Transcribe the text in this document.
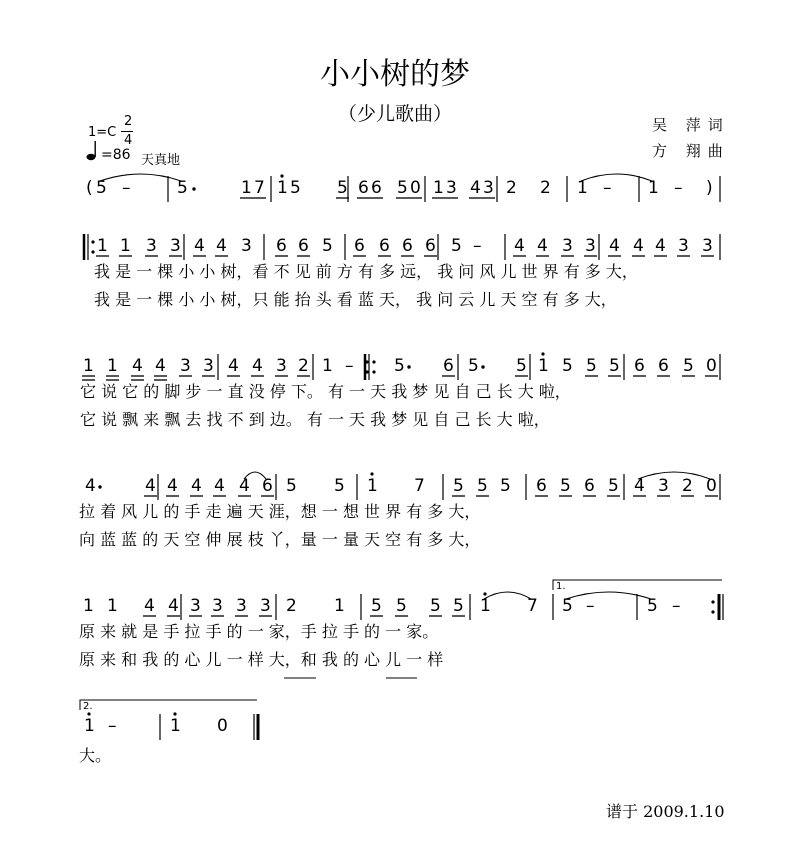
小小树的梦
（少儿歌曲）	吴 萍词
方 翔曲
1=C
2
4
=86 天真地
( 5 –	5	1 7 1 5 5 6 6 5 0 1 3 4 3 2 2 1 – 1 – )
1 1 3 3 4 4 3 6 6 5 6 6 6 6 5 – 4 4 3 3 4 4 4 3 3
1 1 4 4 3 3 4 4 3 2 1 – 5 6 5 5 1 5 5 5 6 6 5 0
4	4 4 4 4 4 6 5 5 1 7 5 5 5 6 5 6 5 4 3 2 0
1 1 4 4 3 3 3 3 2 1 5 5 5 5 1 7 5 –	5 –
1 –	1 0
1.
2.
我 是 一 棵 小 小 树，看 不 见 前 方 有 多 远， 我 问 风 儿 世 界 有 多 大，
我 是 一 棵 小 小 树，只 能 抬 头 看 蓝 天， 我 问 云 儿 天 空 有 多 大，
它 说 它 的 脚 步 一 直 没 停 下。 有 一 天 我 梦 见 自 己 长 大 啦，
它 说 飘 来 飘 去 找 不 到 边。 有 一 天 我 梦 见 自 己 长 大 啦，
拉 着 风 儿 的 手 走 遍 天 涯，想 一 想 世 界 有 多 大，
向 蓝 蓝 的 天 空 伸 展 枝 丫，量 一 量 天 空 有 多 大，
原 来 就 是 手 拉 手 的 一 家，手 拉 手 的 一 家。
原 来 和 我 的 心 儿 一 样 大，和 我 的 心 儿 一 样
大。
谱于 2009.1.10
